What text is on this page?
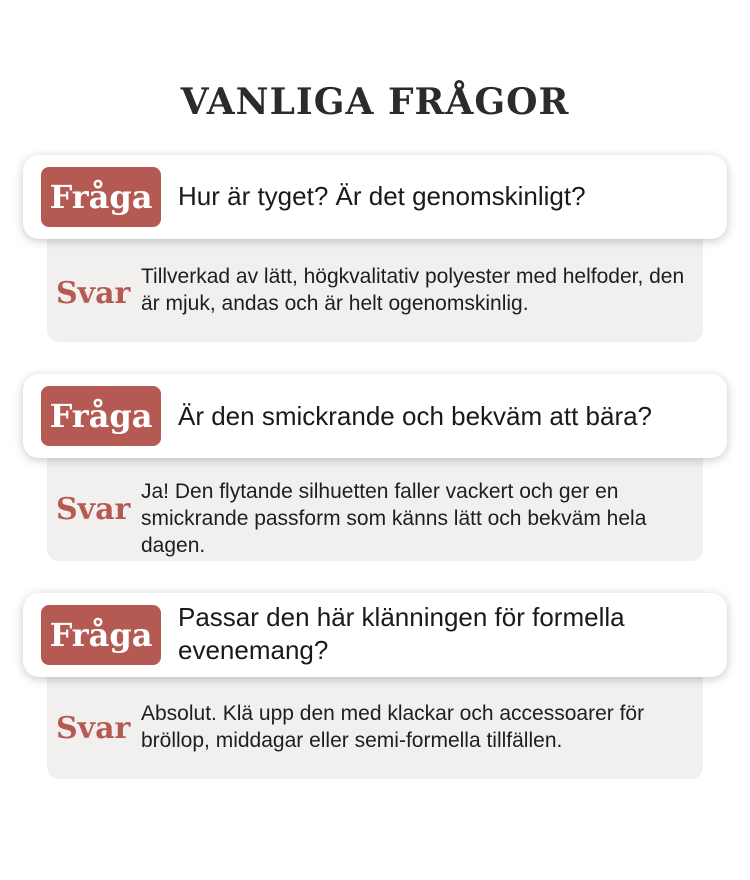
VANLIGA FRÅGOR
Svar Tillverkad av lätt, högkvalitativ polyester med helfoder, den är mjuk, andas och är helt ogenomskinlig.
Fråga Hur är tyget? Är det genomskinligt?
Svar
Ja! Den flytande silhuetten faller vackert och ger en smickrande passform som känns lätt och bekväm hela dagen.
Fråga Är den smickrande och bekväm att bära?
Svar Absolut. Klä upp den med klackar och accessoarer för bröllop, middagar eller semi-formella tillfällen.
Fråga Passar den här klänningen för formella evenemang?
